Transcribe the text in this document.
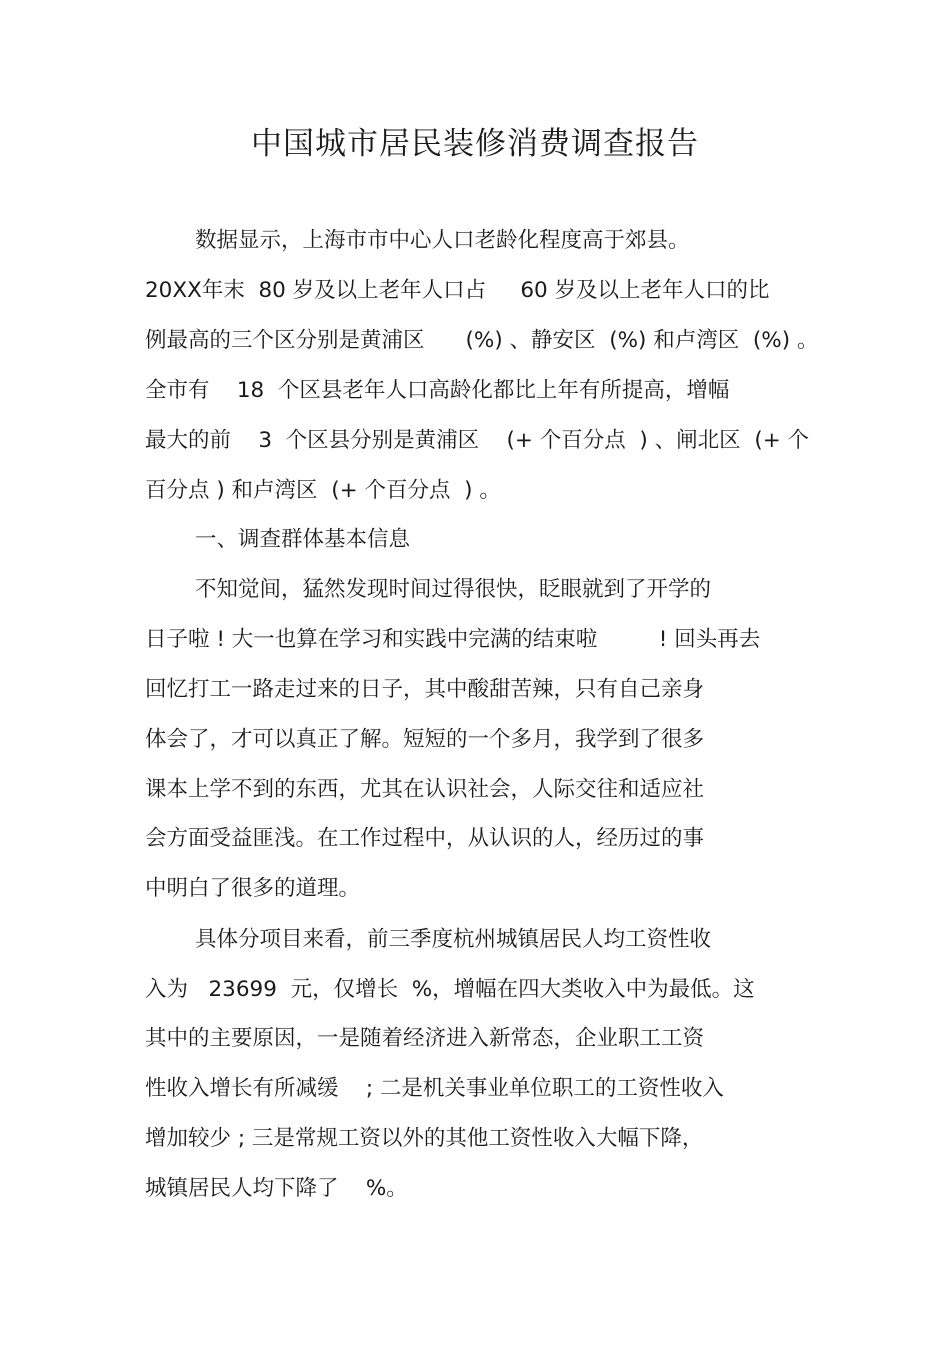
中国城市居民装修消费调查报告

数据显示，上海市市中心人口老龄化程度高于郊县。

20XX年末  80 岁及以上老年人口占     60 岁及以上老年人口的比

例最高的三个区分别是黄浦区      (%) 、静安区  (%) 和卢湾区  (%) 。

全市有    18  个区县老年人口高龄化都比上年有所提高，增幅

最大的前    3  个区县分别是黄浦区    (+ 个百分点  ) 、闸北区  (+ 个

百分点 ) 和卢湾区  (+ 个百分点  ) 。

一、调查群体基本信息

不知觉间，猛然发现时间过得很快，眨眼就到了开学的

日子啦 ! 大一也算在学习和实践中完满的结束啦         ! 回头再去

回忆打工一路走过来的日子，其中酸甜苦辣，只有自己亲身

体会了，才可以真正了解。短短的一个多月，我学到了很多

课本上学不到的东西，尤其在认识社会，人际交往和适应社

会方面受益匪浅。在工作过程中，从认识的人，经历过的事

中明白了很多的道理。

具体分项目来看，前三季度杭州城镇居民人均工资性收

入为   23699  元，仅增长  %，增幅在四大类收入中为最低。这

其中的主要原因，一是随着经济进入新常态，企业职工工资

性收入增长有所减缓    ; 二是机关事业单位职工的工资性收入

增加较少 ; 三是常规工资以外的其他工资性收入大幅下降，

城镇居民人均下降了    %。
